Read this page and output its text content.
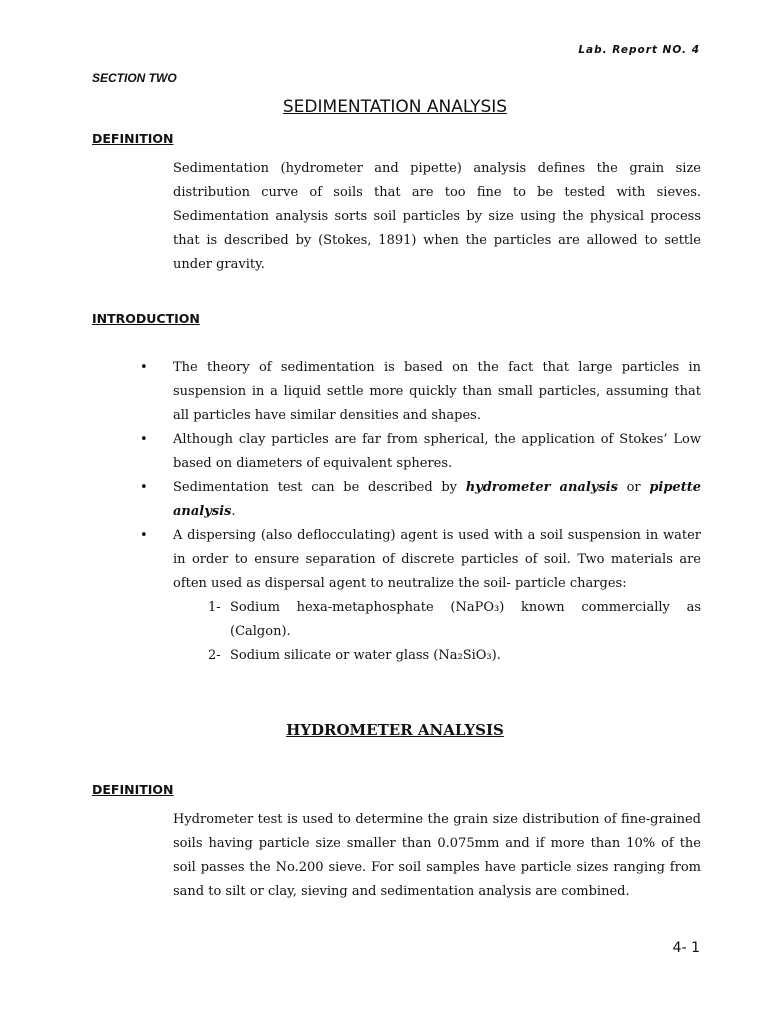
Lab. Report NO. 4
SECTION TWO
SEDIMENTATION ANALYSIS
DEFINITION

Sedimentation (hydrometer and pipette) analysis defines the grain size distribution curve of soils that are too fine to be tested with sieves. Sedimentation analysis sorts soil particles by size using the physical process that is described by (Stokes, 1891) when the particles are allowed to settle under gravity.

INTRODUCTION
• The theory of sedimentation is based on the fact that large particles in suspension in a liquid settle more quickly than small particles, assuming that all particles have similar densities and shapes.
• Although clay particles are far from spherical, the application of Stokes’ Low based on diameters of equivalent spheres.
• Sedimentation test can be described by hydrometer analysis or pipette analysis.
• A dispersing (also deflocculating) agent is used with a soil suspension in water in order to ensure separation of discrete particles of soil. Two materials are often used as dispersal agent to neutralize the soil- particle charges:
1- Sodium hexa-metaphosphate (NaPO₃) known commercially as (Calgon).
2- Sodium silicate or water glass (Na₂SiO₃).
HYDROMETER ANALYSIS
DEFINITION

Hydrometer test is used to determine the grain size distribution of fine-grained soils having particle size smaller than 0.075mm and if more than 10% of the soil passes the No.200 sieve. For soil samples have particle sizes ranging from sand to silt or clay, sieving and sedimentation analysis are combined.

4- 1
